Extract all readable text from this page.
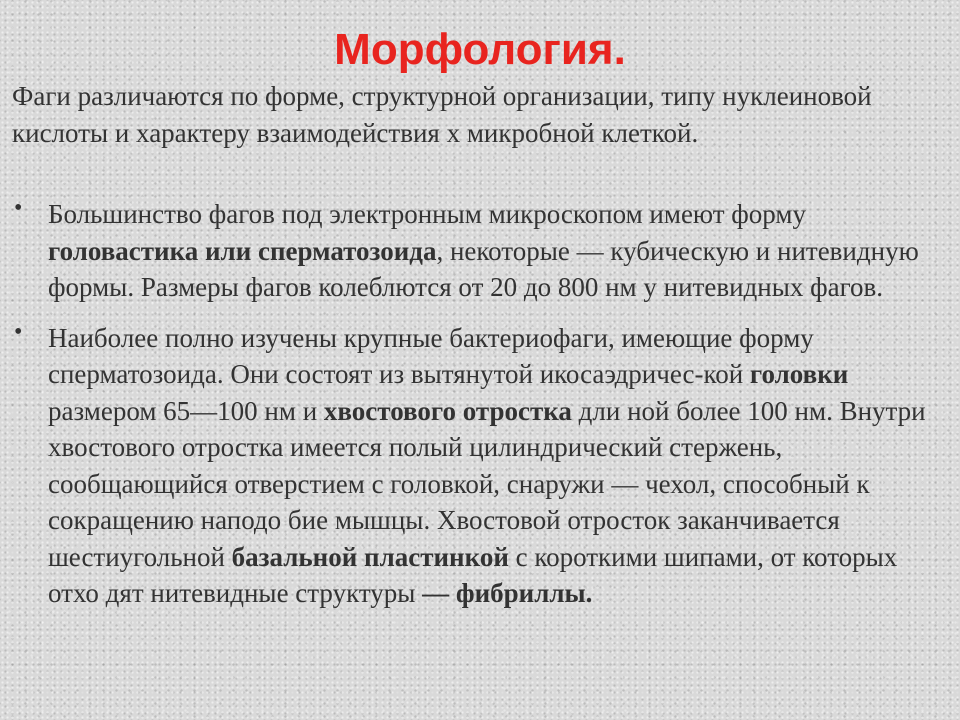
Морфология.

Фаги различаются по форме, структурной организации, типу нуклеиновой кислоты и характеру взаимодействия х микробной клеткой.

• Большинство фагов под электронным микроскопом имеют форму головастика или сперматозоида, некоторые — кубическую и нитевидную формы. Размеры фагов колеблются от 20 до 800 нм у нитевидных фагов.
• Наиболее полно изучены крупные бактериофаги, имеющие форму сперматозоида. Они состоят из вытянутой икосаэдричес-кой головки размером 65—100 нм и хвостового отростка дли ной более 100 нм. Внутри хвостового отростка имеется полый цилиндрический стержень, сообщающийся отверстием с головкой, снаружи — чехол, способный к сокращению наподо бие мышцы. Хвостовой отросток заканчивается шестиугольной базальной пластинкой с короткими шипами, от которых отхо дят нитевидные структуры — фибриллы.
